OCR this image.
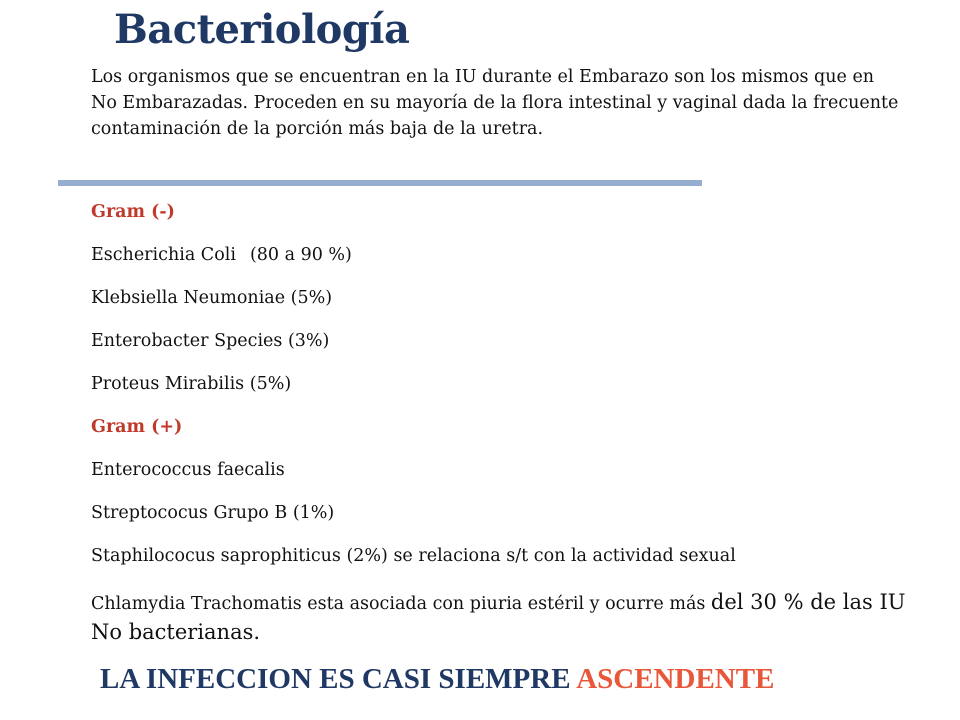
Bacteriología

Los organismos que se encuentran en la IU durante el Embarazo son los mismos que en No Embarazadas. Proceden en su mayoría de la flora intestinal y vaginal dada la frecuente contaminación de la porción más baja de la uretra.

Gram (-)
Escherichia Coli (80 a 90 %)
Klebsiella Neumoniae (5%)
Enterobacter Species (3%)
Proteus Mirabilis (5%)
Gram (+)
Enterococcus faecalis
Streptococus Grupo B (1%)
Staphilococus saprophiticus (2%) se relaciona s/t con la actividad sexual

Chlamydia Trachomatis esta asociada con piuria estéril y ocurre más del 30 % de las IU No bacterianas.

LA INFECCION ES CASI SIEMPRE ASCENDENTE
